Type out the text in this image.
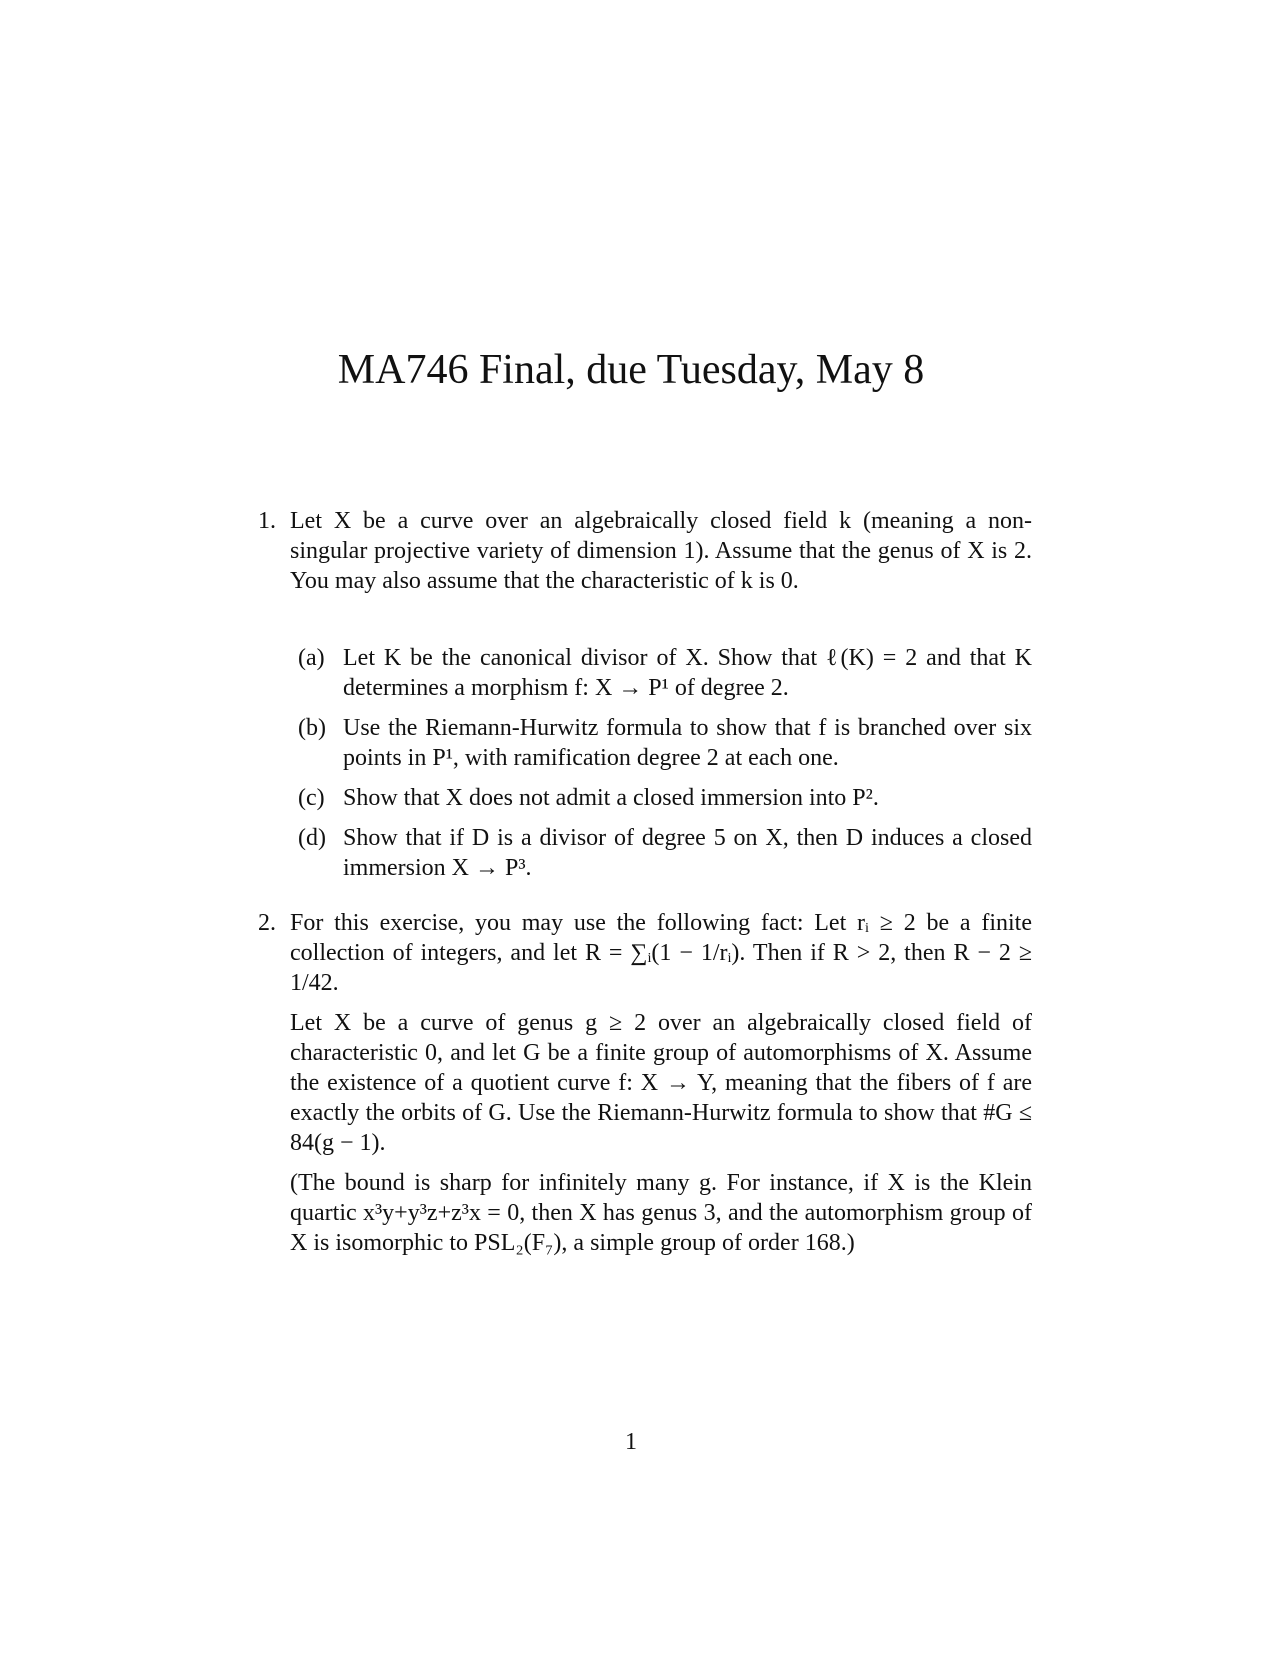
MA746 Final, due Tuesday, May 8
1. Let X be a curve over an algebraically closed field k (meaning a non-singular projective variety of dimension 1). Assume that the genus of X is 2. You may also assume that the characteristic of k is 0.

(a) Let K be the canonical divisor of X. Show that ℓ(K) = 2 and that K determines a morphism f: X → P¹ of degree 2.
(b) Use the Riemann-Hurwitz formula to show that f is branched over six points in P¹, with ramification degree 2 at each one.
(c) Show that X does not admit a closed immersion into P².
(d) Show that if D is a divisor of degree 5 on X, then D induces a closed immersion X → P³.
2. For this exercise, you may use the following fact: Let rᵢ ≥ 2 be a finite collection of integers, and let R = ∑ᵢ(1 − 1/rᵢ). Then if R > 2, then R − 2 ≥ 1/42.

Let X be a curve of genus g ≥ 2 over an algebraically closed field of characteristic 0, and let G be a finite group of automorphisms of X. Assume the existence of a quotient curve f: X → Y, meaning that the fibers of f are exactly the orbits of G. Use the Riemann-Hurwitz formula to show that #G ≤ 84(g − 1).

(The bound is sharp for infinitely many g. For instance, if X is the Klein quartic x³y+y³z+z³x = 0, then X has genus 3, and the automorphism group of X is isomorphic to PSL₂(F₇), a simple group of order 168.)

1
